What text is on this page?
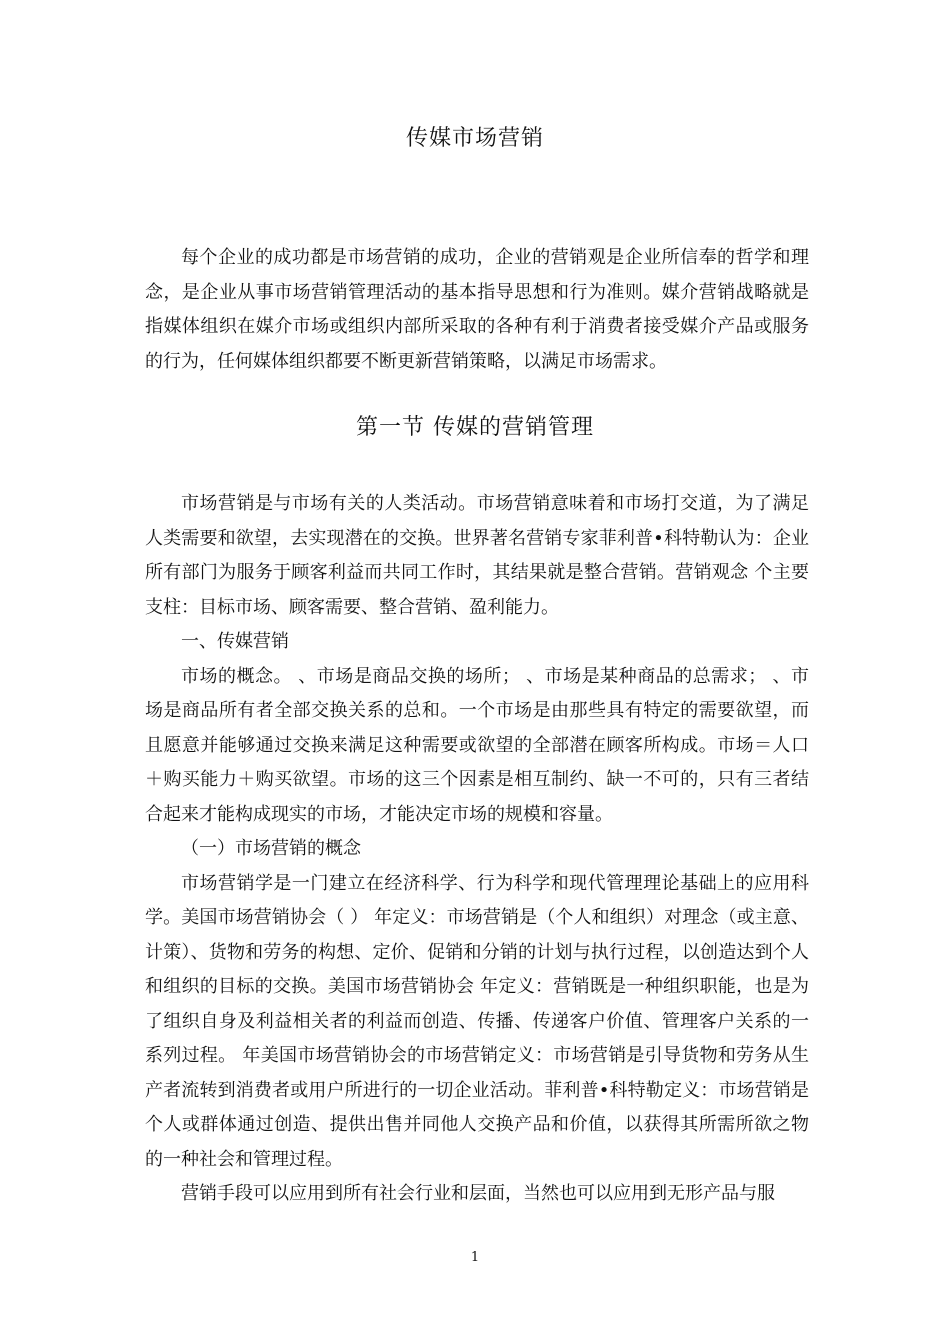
传媒市场营销

每个企业的成功都是市场营销的成功，企业的营销观是企业所信奉的哲学和理念，是企业从事市场营销管理活动的基本指导思想和行为准则。媒介营销战略就是指媒体组织在媒介市场或组织内部所采取的各种有利于消费者接受媒介产品或服务的行为，任何媒体组织都要不断更新营销策略，以满足市场需求。

第一节 传媒的营销管理

市场营销是与市场有关的人类活动。市场营销意味着和市场打交道，为了满足人类需要和欲望，去实现潜在的交换。世界著名营销专家菲利普•科特勒认为：企业所有部门为服务于顾客利益而共同工作时，其结果就是整合营销。营销观念 个主要支柱：目标市场、顾客需要、整合营销、盈利能力。

一、传媒营销

市场的概念。 、市场是商品交换的场所； 、市场是某种商品的总需求； 、市场是商品所有者全部交换关系的总和。一个市场是由那些具有特定的需要欲望，而且愿意并能够通过交换来满足这种需要或欲望的全部潜在顾客所构成。市场＝人口＋购买能力＋购买欲望。市场的这三个因素是相互制约、缺一不可的，只有三者结合起来才能构成现实的市场，才能决定市场的规模和容量。

（一）市场营销的概念

市场营销学是一门建立在经济科学、行为科学和现代管理理论基础上的应用科学。美国市场营销协会（ ） 年定义：市场营销是（个人和组织）对理念（或主意、计策）、货物和劳务的构想、定价、促销和分销的计划与执行过程，以创造达到个人和组织的目标的交换。美国市场营销协会 年定义：营销既是一种组织职能，也是为了组织自身及利益相关者的利益而创造、传播、传递客户价值、管理客户关系的一系列过程。 年美国市场营销协会的市场营销定义：市场营销是引导货物和劳务从生产者流转到消费者或用户所进行的一切企业活动。菲利普•科特勒定义：市场营销是个人或群体通过创造、提供出售并同他人交换产品和价值，以获得其所需所欲之物的一种社会和管理过程。

营销手段可以应用到所有社会行业和层面，当然也可以应用到无形产品与服

1
